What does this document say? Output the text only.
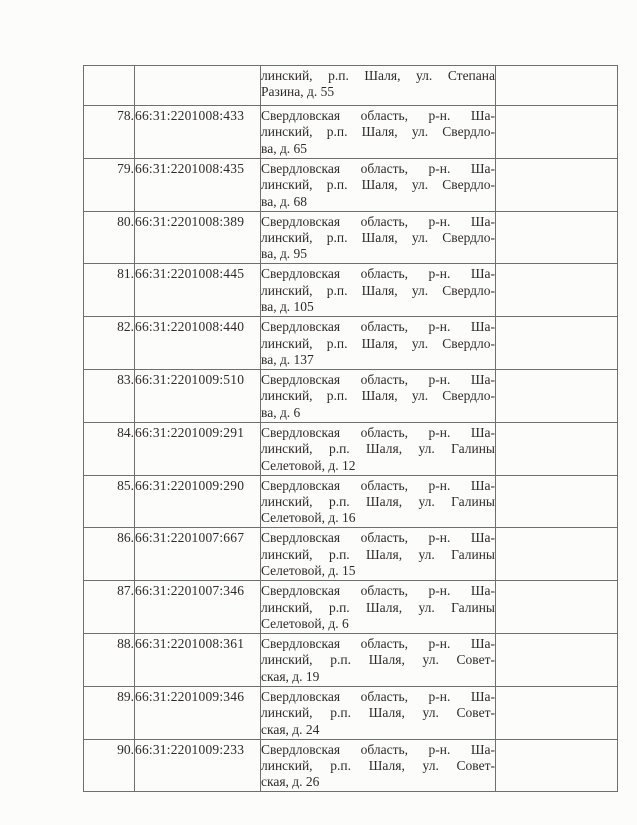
		линский, р.п. Шаля, ул. Степана
Разина, д. 55	

78.	66:31:2201008:433	Свердловская область, р-н. Ша-
линский, р.п. Шаля, ул. Свердло-
ва, д. 65	

79.	66:31:2201008:435	Свердловская область, р-н. Ша-
линский, р.п. Шаля, ул. Свердло-
ва, д. 68	

80.	66:31:2201008:389	Свердловская область, р-н. Ша-
линский, р.п. Шаля, ул. Свердло-
ва, д. 95	

81.	66:31:2201008:445	Свердловская область, р-н. Ша-
линский, р.п. Шаля, ул. Свердло-
ва, д. 105	

82.	66:31:2201008:440	Свердловская область, р-н. Ша-
линский, р.п. Шаля, ул. Свердло-
ва, д. 137	

83.	66:31:2201009:510	Свердловская область, р-н. Ша-
линский, р.п. Шаля, ул. Свердло-
ва, д. 6	

84.	66:31:2201009:291	Свердловская область, р-н. Ша-
линский, р.п. Шаля, ул. Галины
Селетовой, д. 12	

85.	66:31:2201009:290	Свердловская область, р-н. Ша-
линский, р.п. Шаля, ул. Галины
Селетовой, д. 16	

86.	66:31:2201007:667	Свердловская область, р-н. Ша-
линский, р.п. Шаля, ул. Галины
Селетовой, д. 15	

87.	66:31:2201007:346	Свердловская область, р-н. Ша-
линский, р.п. Шаля, ул. Галины
Селетовой, д. 6	

88.	66:31:2201008:361	Свердловская область, р-н. Ша-
линский, р.п. Шаля, ул. Совет-
ская, д. 19	

89.	66:31:2201009:346	Свердловская область, р-н. Ша-
линский, р.п. Шаля, ул. Совет-
ская, д. 24	

90.	66:31:2201009:233	Свердловская область, р-н. Ша-
линский, р.п. Шаля, ул. Совет-
ская, д. 26	
